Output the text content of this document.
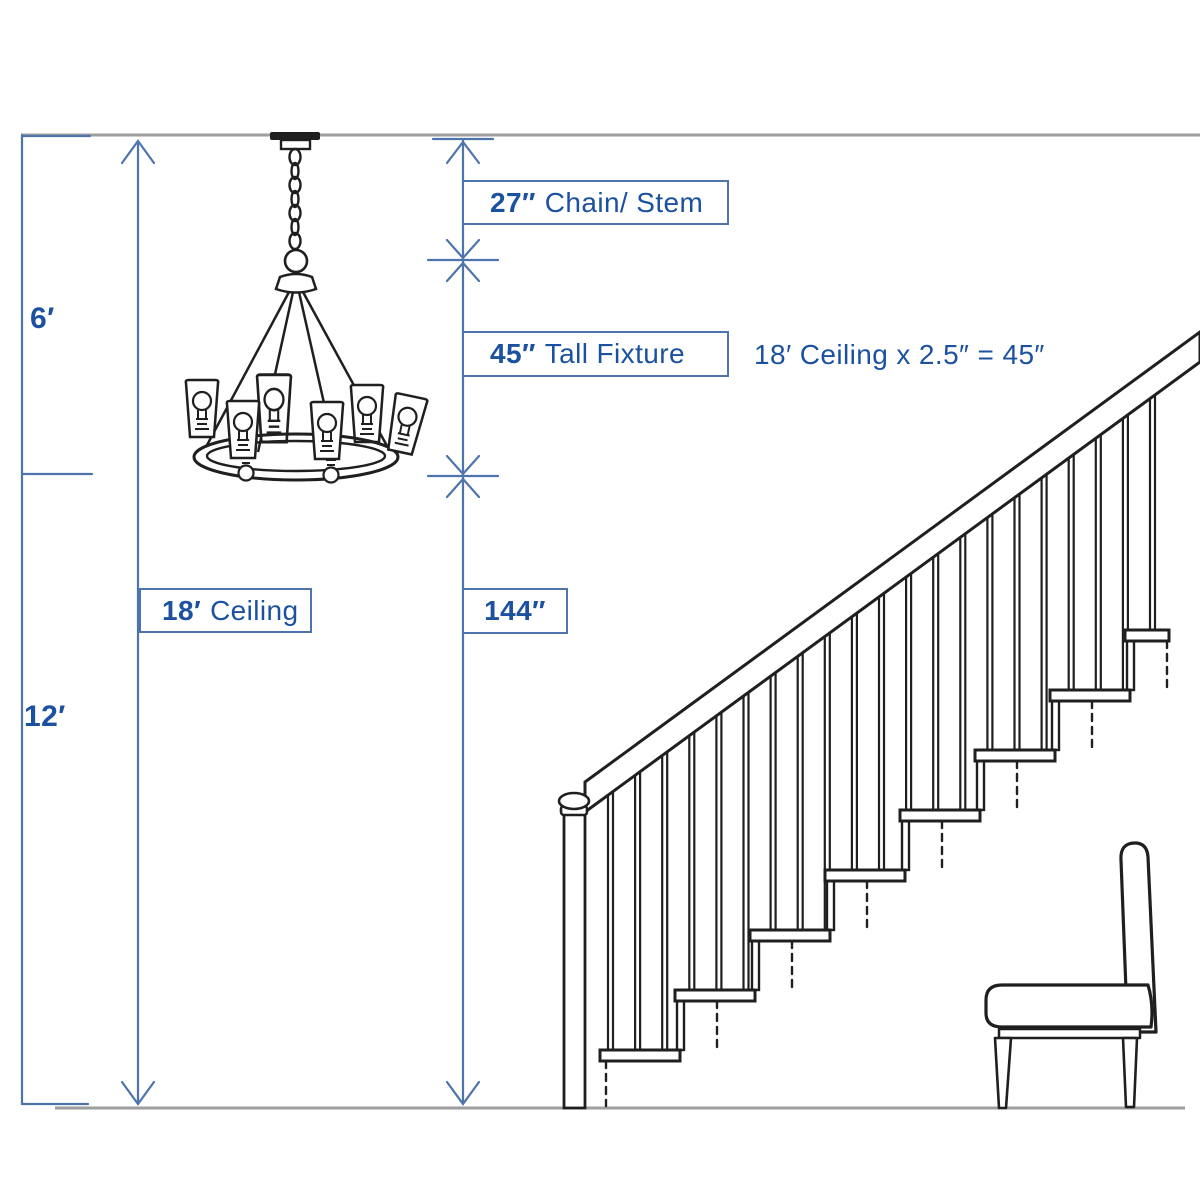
6′
12′
27″ Chain/ Stem
45″ Tall Fixture 18′ Ceiling x 2.5″ = 45″
18′ Ceiling	144″
